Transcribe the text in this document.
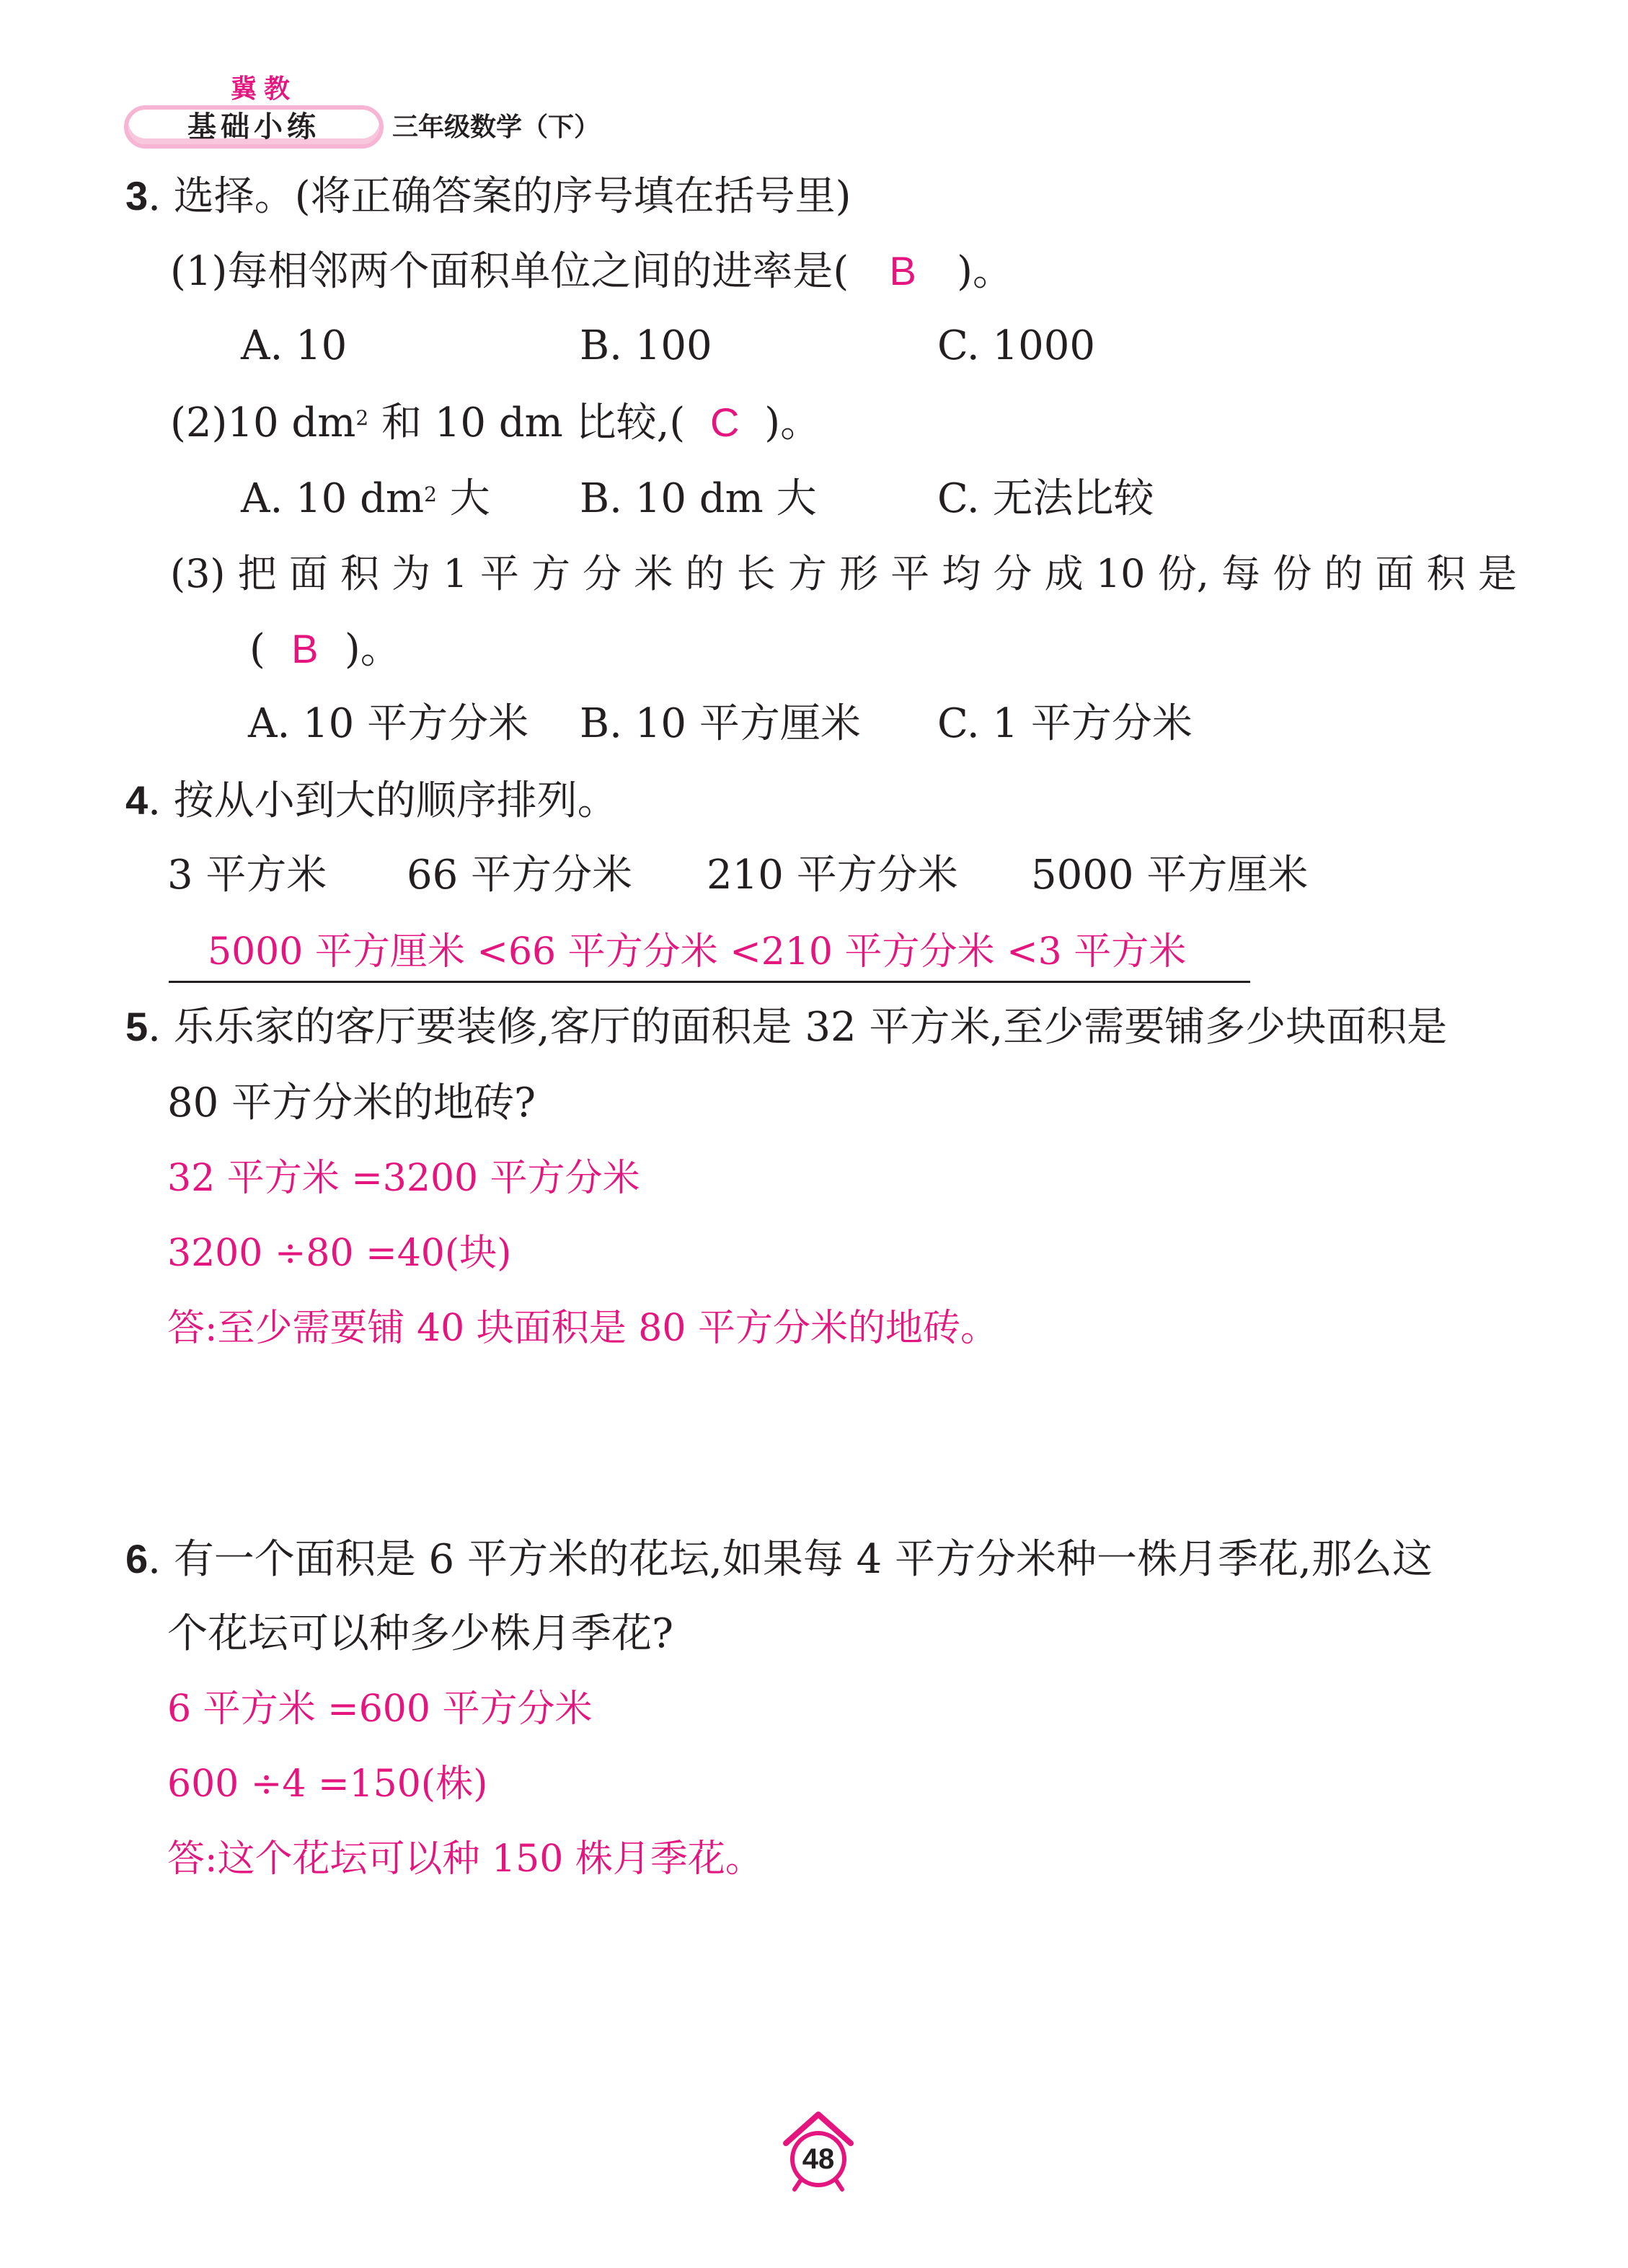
冀教
基础小练	三年级数学（下）
3. 选择。(将正确答案的序号填在括号里)
(1)每相邻两个面积单位之间的进率是( B )。
A. 10	B. 100	C. 1000
(2)10 $dm^2$ 和 10 dm 比较,( C )。
A. 10 $dm^2$ 大 B. 10 dm 大	C. 无法比较
(3) 把 面 积 为 1 平 方 分 米 的 长 方 形 平 均 分 成 10 份, 每 份 的 面 积 是
( B )。
A. 10 平方分米 B. 10 平方厘米 C. 1 平方分米
4. 按从小到大的顺序排列。
3 平方米 66 平方分米 210 平方分米 5000 平方厘米
5000 平方厘米 <66 平方分米 <210 平方分米 <3 平方米
5. 乐乐家的客厅要装修,客厅的面积是 32 平方米,至少需要铺多少块面积是
80 平方分米的地砖?
32 平方米 =3200 平方分米
3200 ÷80 =40(块)
答:至少需要铺 40 块面积是 80 平方分米的地砖。
6. 有一个面积是 6 平方米的花坛,如果每 4 平方分米种一株月季花,那么这
个花坛可以种多少株月季花?
6 平方米 =600 平方分米
600 ÷4 =150(株)
答:这个花坛可以种 150 株月季花。
48
